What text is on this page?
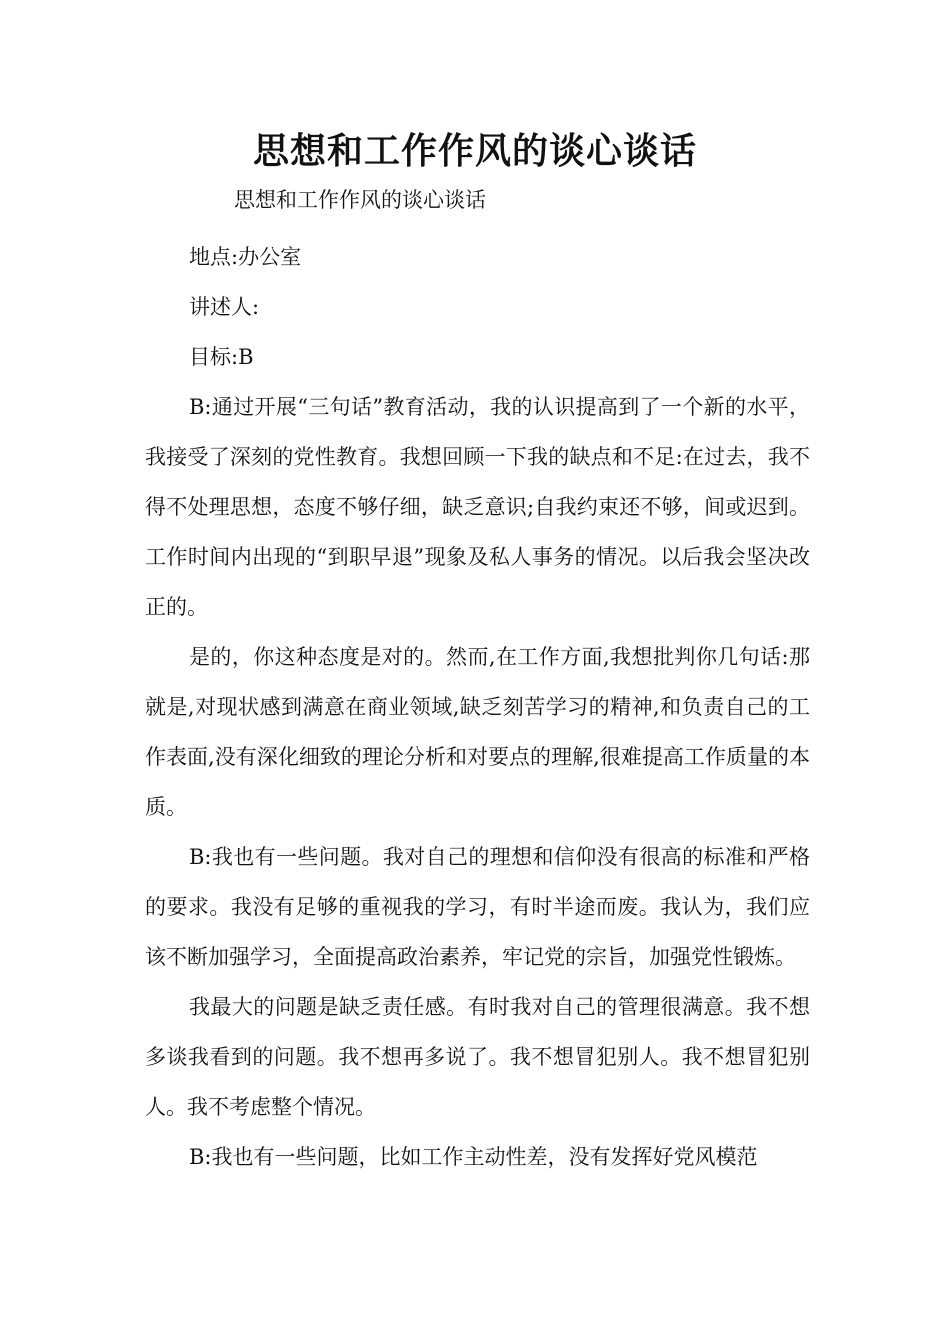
思想和工作作风的谈心谈话
思想和工作作风的谈心谈话

地点:办公室

讲述人:

目标:B

B:通过开展“三句话”教育活动，我的认识提高到了一个新的水平，我接受了深刻的党性教育。我想回顾一下我的缺点和不足:在过去，我不得不处理思想，态度不够仔细，缺乏意识;自我约束还不够，间或迟到。工作时间内出现的“到职早退”现象及私人事务的情况。以后我会坚决改正的。

是的，你这种态度是对的。然而,在工作方面,我想批判你几句话:那就是,对现状感到满意在商业领域,缺乏刻苦学习的精神,和负责自己的工作表面,没有深化细致的理论分析和对要点的理解,很难提高工作质量的本质。

B:我也有一些问题。我对自己的理想和信仰没有很高的标准和严格的要求。我没有足够的重视我的学习，有时半途而废。我认为，我们应该不断加强学习，全面提高政治素养，牢记党的宗旨，加强党性锻炼。

我最大的问题是缺乏责任感。有时我对自己的管理很满意。我不想多谈我看到的问题。我不想再多说了。我不想冒犯别人。我不想冒犯别人。我不考虑整个情况。

B:我也有一些问题，比如工作主动性差，没有发挥好党风模范
